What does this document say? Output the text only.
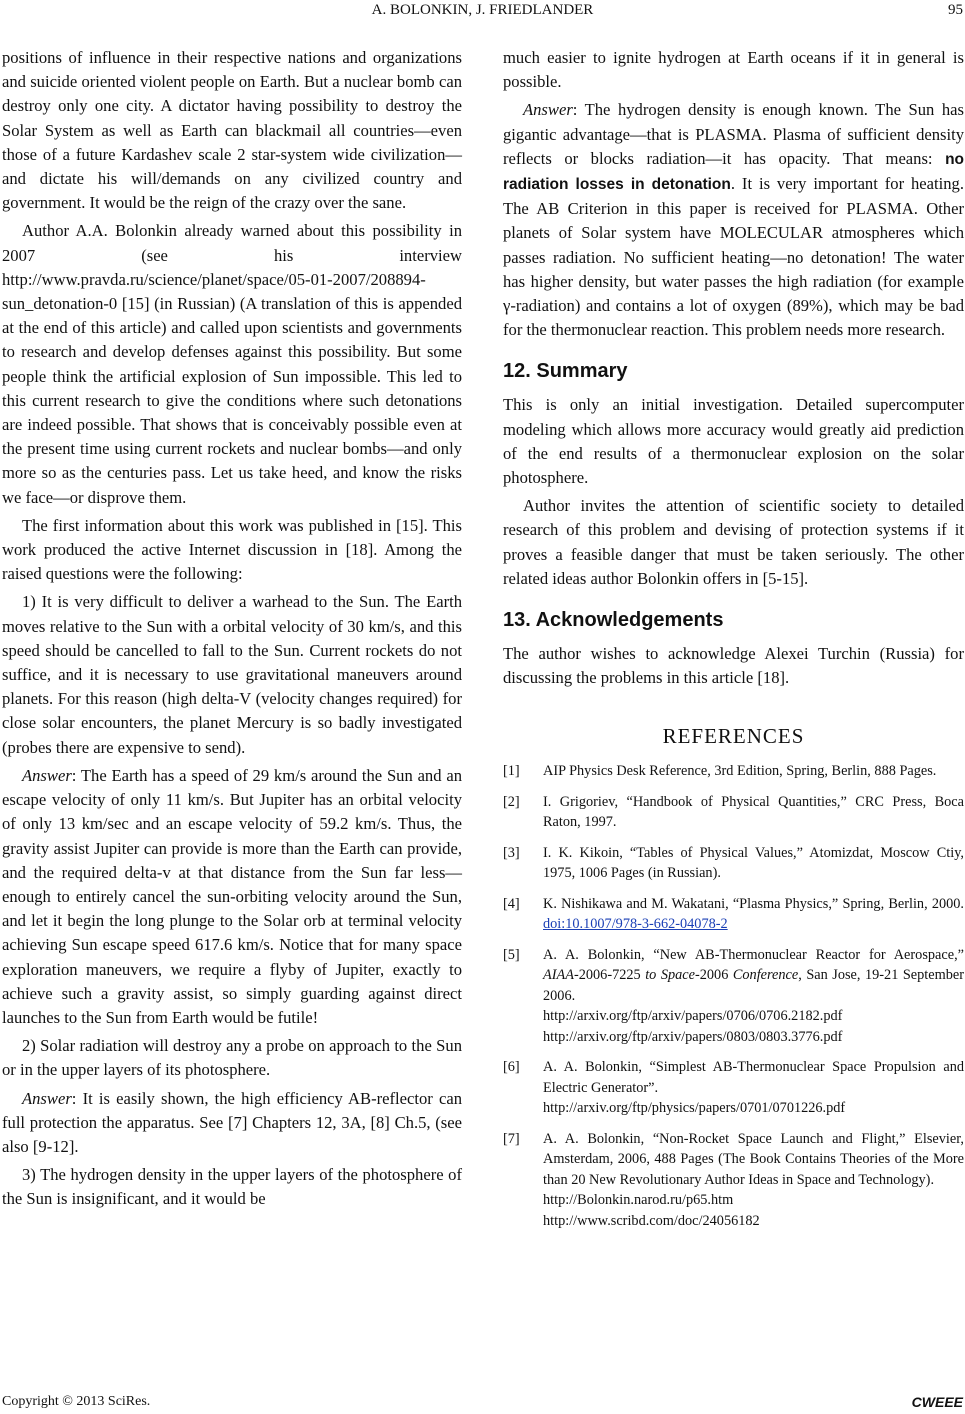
A. BOLONKIN, J. FRIEDLANDER	95

positions of influence in their respective nations and organizations and suicide oriented violent people on Earth. But a nuclear bomb can destroy only one city. A dictator having possibility to destroy the Solar System as well as Earth can blackmail all countries—even those of a future Kardashev scale 2 star-system wide civilization—and dictate his will/demands on any civilized country and government. It would be the reign of the crazy over the sane.

Author A.A. Bolonkin already warned about this possibility in 2007 (see his interview http://www.pravda.ru/science/planet/space/05-01-2007/208894-sun_detonation-0 [15] (in Russian) (A translation of this is appended at the end of this article) and called upon scientists and governments to research and develop defenses against this possibility. But some people think the artificial explosion of Sun impossible. This led to this current research to give the conditions where such detonations are indeed possible. That shows that is conceivably possible even at the present time using current rockets and nuclear bombs—and only more so as the centuries pass. Let us take heed, and know the risks we face—or disprove them.

The first information about this work was published in [15]. This work produced the active Internet discussion in [18]. Among the raised questions were the following:

1) It is very difficult to deliver a warhead to the Sun. The Earth moves relative to the Sun with a orbital velocity of 30 km/s, and this speed should be cancelled to fall to the Sun. Current rockets do not suffice, and it is necessary to use gravitational maneuvers around planets. For this reason (high delta-V (velocity changes required) for close solar encounters, the planet Mercury is so badly investigated (probes there are expensive to send).

Answer: The Earth has a speed of 29 km/s around the Sun and an escape velocity of only 11 km/s. But Jupiter has an orbital velocity of only 13 km/sec and an escape velocity of 59.2 km/s. Thus, the gravity assist Jupiter can provide is more than the Earth can provide, and the required delta-v at that distance from the Sun far less—enough to entirely cancel the sun-orbiting velocity around the Sun, and let it begin the long plunge to the Solar orb at terminal velocity achieving Sun escape speed 617.6 km/s. Notice that for many space exploration maneuvers, we require a flyby of Jupiter, exactly to achieve such a gravity assist, so simply guarding against direct launches to the Sun from Earth would be futile!

2) Solar radiation will destroy any a probe on approach to the Sun or in the upper layers of its photosphere.

Answer: It is easily shown, the high efficiency AB-reflector can full protection the apparatus. See [7] Chapters 12, 3A, [8] Ch.5, (see also [9-12].

3) The hydrogen density in the upper layers of the photosphere of the Sun is insignificant, and it would be

much easier to ignite hydrogen at Earth oceans if it in general is possible.

Answer: The hydrogen density is enough known. The Sun has gigantic advantage—that is PLASMA. Plasma of sufficient density reflects or blocks radiation—it has opacity. That means: no radiation losses in detonation. It is very important for heating. The AB Criterion in this paper is received for PLASMA. Other planets of Solar system have MOLECULAR atmospheres which passes radiation. No sufficient heating—no detonation! The water has higher density, but water passes the high radiation (for example γ-radiation) and contains a lot of oxygen (89%), which may be bad for the thermonuclear reaction. This problem needs more research.

12. Summary

This is only an initial investigation. Detailed supercomputer modeling which allows more accuracy would greatly aid prediction of the end results of a thermonuclear explosion on the solar photosphere.

Author invites the attention of scientific society to detailed research of this problem and devising of protection systems if it proves a feasible danger that must be taken seriously. The other related ideas author Bolonkin offers in [5-15].

13. Acknowledgements

The author wishes to acknowledge Alexei Turchin (Russia) for discussing the problems in this article [18].

REFERENCES
[1]	AIP Physics Desk Reference, 3rd Edition, Spring, Berlin, 888 Pages.
[2]	I. Grigoriev, “Handbook of Physical Quantities,” CRC Press, Boca Raton, 1997.
[3]	I. K. Kikoin, “Tables of Physical Values,” Atomizdat, Moscow Ctiy, 1975, 1006 Pages (in Russian).
[4]	K. Nishikawa and M. Wakatani, “Plasma Physics,” Spring, Berlin, 2000. doi:10.1007/978-3-662-04078-2
[5]	A. A. Bolonkin, “New AB-Thermonuclear Reactor for Aerospace,” AIAA-2006-7225 to Space-2006 Conference, San Jose, 19-21 September 2006.
http://arxiv.org/ftp/arxiv/papers/0706/0706.2182.pdf
http://arxiv.org/ftp/arxiv/papers/0803/0803.3776.pdf
[6]	A. A. Bolonkin, “Simplest AB-Thermonuclear Space Propulsion and Electric Generator”.
http://arxiv.org/ftp/physics/papers/0701/0701226.pdf
[7]	A. A. Bolonkin, “Non-Rocket Space Launch and Flight,” Elsevier, Amsterdam, 2006, 488 Pages (The Book Contains Theories of the More than 20 New Revolutionary Author Ideas in Space and Technology).
http://Bolonkin.narod.ru/p65.htm
http://www.scribd.com/doc/24056182
Copyright © 2013 SciRes.	CWEEE
